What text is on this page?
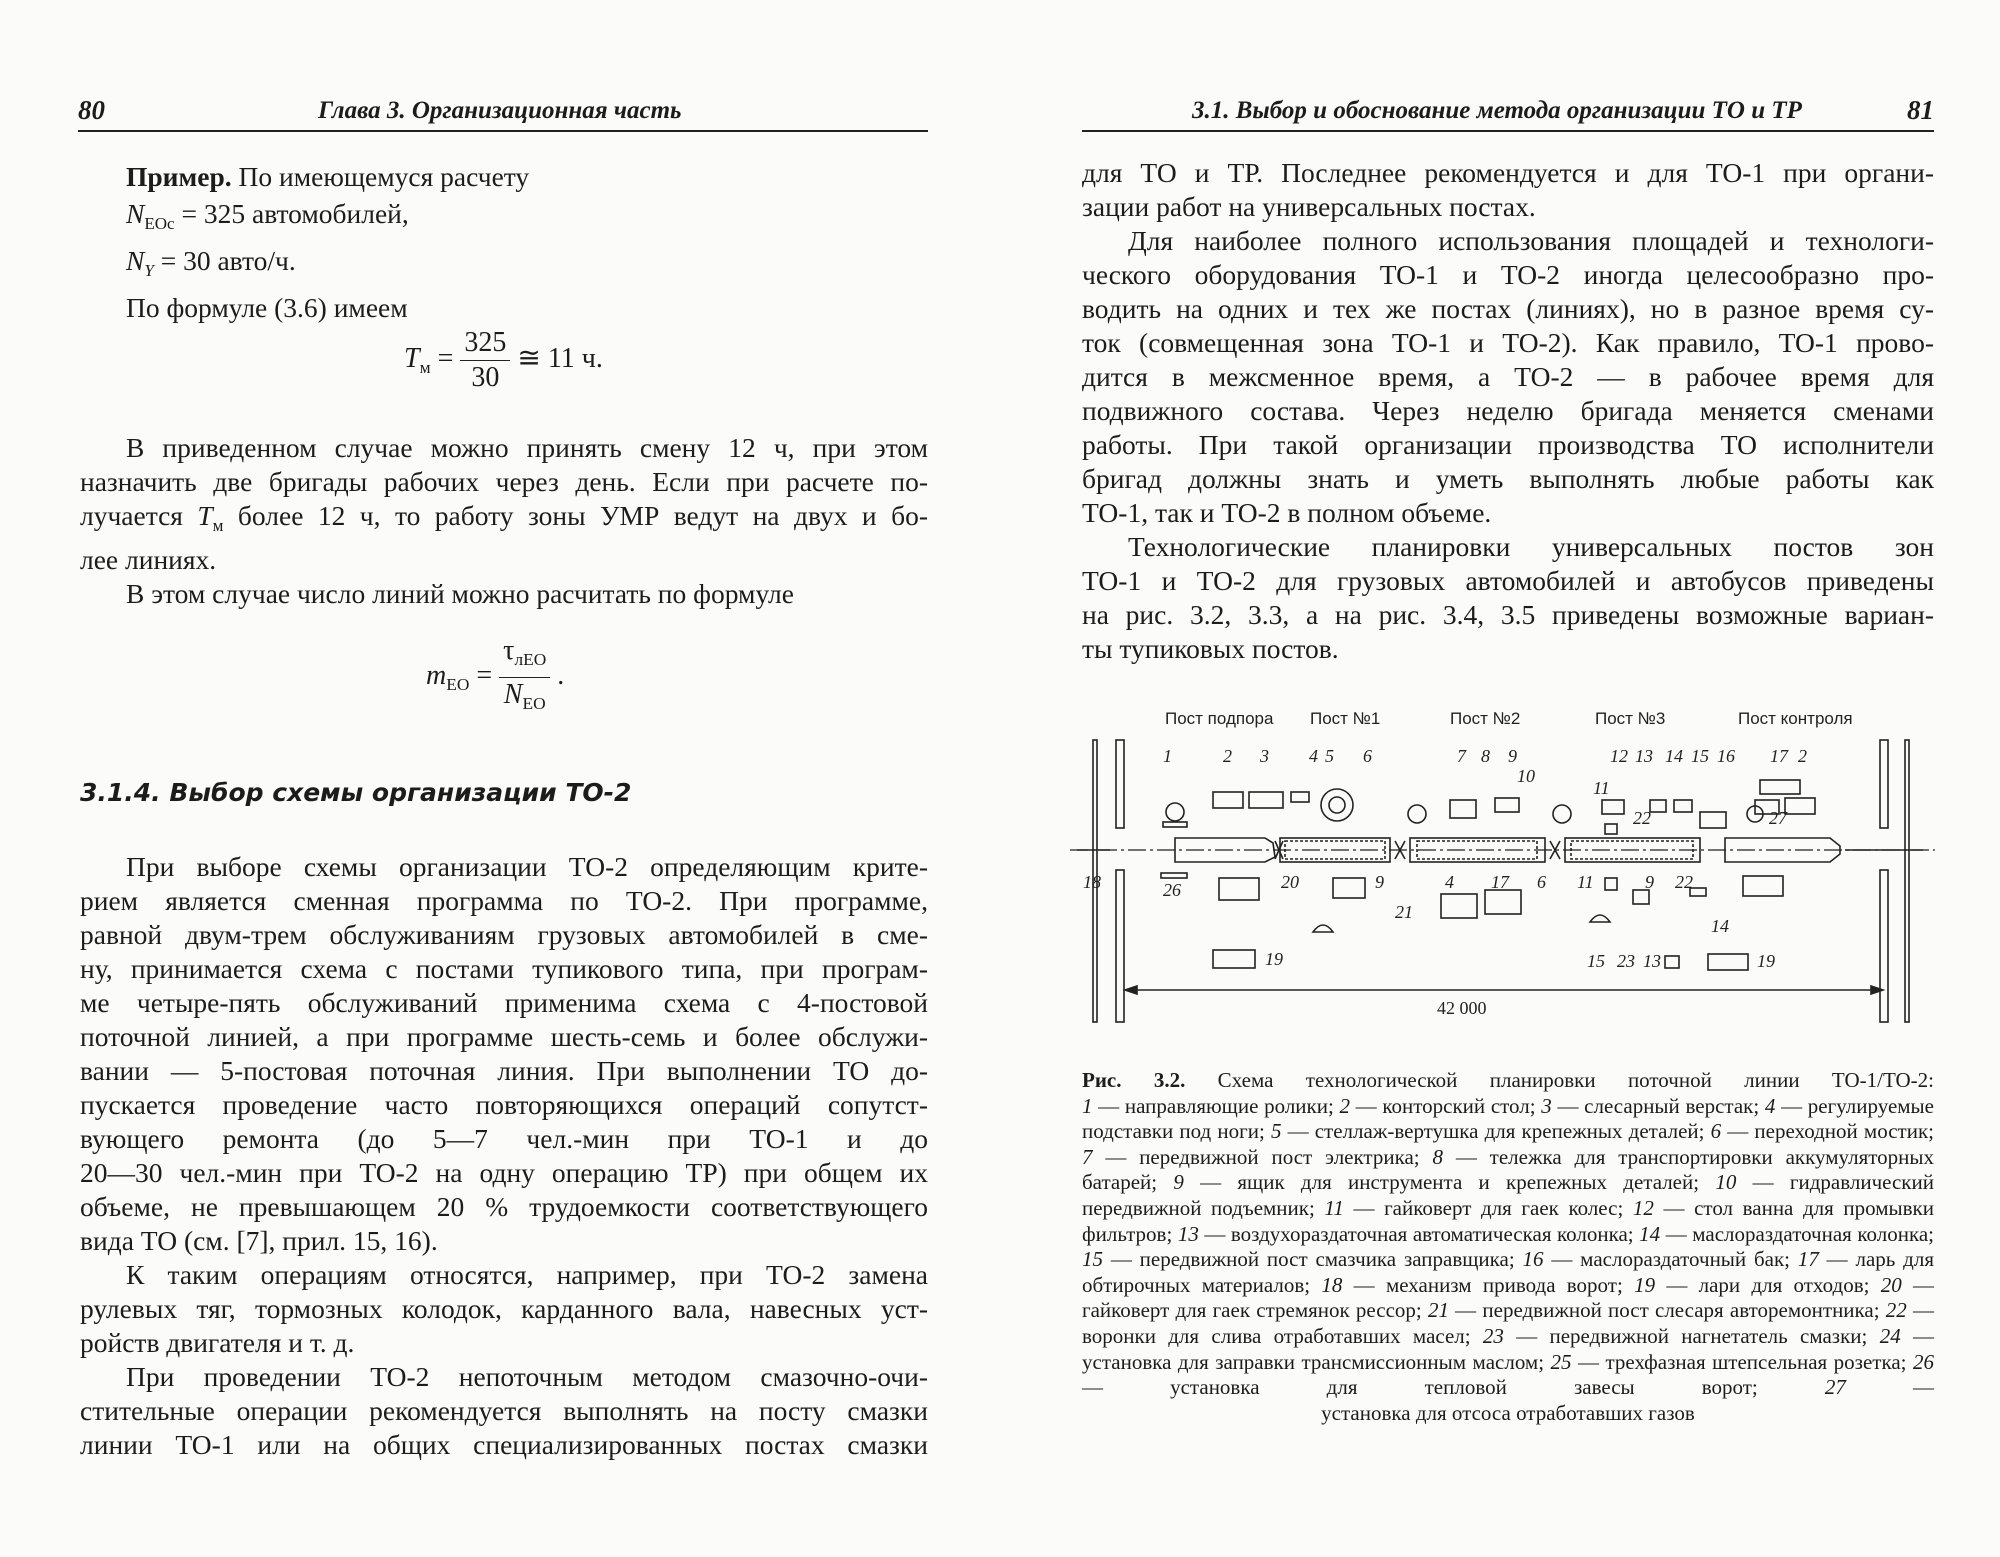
80	Глава 3. Организационная часть

Пример. По имеющемуся расчету

$N_{EOc} = 325$ автомобилей,

$N_Y = 30$ авто/ч.

По формуле (3.6) имеем

$T_м = \frac{325}{30}$ ≅ 11 ч.

В приведенном случае можно принять смену 12 ч, при этом

назначить две бригады рабочих через день. Если при расчете по-

лучается $T_м$ более 12 ч, то работу зоны УМР ведут на двух и бо-

лее линиях.

В этом случае число линий можно расчитать по формуле

$m_{EO} = \frac{\tau_{лEO}}{N_{EO}}$ .
3.1.4. Выбор схемы организации ТО-2

При выборе схемы организации ТО-2 определяющим крите-

рием является сменная программа по ТО-2. При программе,

равной двум-трем обслуживаниям грузовых автомобилей в сме-

ну, принимается схема с постами тупикового типа, при програм-

ме четыре-пять обслуживаний применима схема с 4-постовой

поточной линией, а при программе шесть-семь и более обслужи-

вании — 5-постовая поточная линия. При выполнении ТО до-

пускается проведение часто повторяющихся операций сопутст-

вующего ремонта (до 5—7 чел.-мин при ТО-1 и до

20—30 чел.-мин при ТО-2 на одну операцию ТР) при общем их

объеме, не превышающем 20 % трудоемкости соответствующего

вида ТО (см. [7], прил. 15, 16).

К таким операциям относятся, например, при ТО-2 замена

рулевых тяг, тормозных колодок, карданного вала, навесных уст-

ройств двигателя и т. д.

При проведении ТО-2 непоточным методом смазочно-очи-

стительные операции рекомендуется выполнять на посту смазки

линии ТО-1 или на общих специализированных постах смазки

3.1. Выбор и обоснование метода организации ТО и ТР	81

для ТО и ТР. Последнее рекомендуется и для ТО-1 при органи-

зации работ на универсальных постах.

Для наиболее полного использования площадей и технологи-

ческого оборудования ТО-1 и ТО-2 иногда целесообразно про-

водить на одних и тех же постах (линиях), но в разное время су-

ток (совмещенная зона ТО-1 и ТО-2). Как правило, ТО-1 прово-

дится в межсменное время, а ТО-2 — в рабочее время для

подвижного состава. Через неделю бригада меняется сменами

работы. При такой организации производства ТО исполнители

бригад должны знать и уметь выполнять любые работы как

ТО-1, так и ТО-2 в полном объеме.

Технологические планировки универсальных постов зон

ТО-1 и ТО-2 для грузовых автомобилей и автобусов приведены

на рис. 3.2, 3.3, а на рис. 3.4, 3.5 приведены возможные вариан-

ты тупиковых постов.

Пост подпора Пост №1	Пост №2	Пост №3	Пост контроля
1	2 3 4 5 6	7 8 9
10
12 13 14 15 16 17 2
11
22	27
18	26	20	9	4 17 6 11	9 22
21
14
15 23 13
19	19
42 000
Рис. 3.2. Схема технологической планировки поточной линии ТО-1/ТО-2:
1 — направляющие ролики; 2 — конторский стол; 3 — слесарный верстак; 4 — регулируемые подставки под ноги; 5 — стеллаж-вертушка для крепежных деталей; 6 — переходной мостик; 7 — передвижной пост электрика; 8 — тележка для транспортировки аккумуляторных батарей; 9 — ящик для инструмента и крепежных деталей; 10 — гидравлический передвижной подъемник; 11 — гайковерт для гаек колес; 12 — стол ванна для промывки фильтров; 13 — воздухораздаточная автоматическая колонка; 14 — маслораздаточная колонка; 15 — передвижной пост смазчика заправщика; 16 — маслораздаточный бак; 17 — ларь для обтирочных материалов; 18 — механизм привода ворот; 19 — лари для отходов; 20 — гайковерт для гаек стремянок рессор; 21 — передвижной пост слесаря авторемонтника; 22 — воронки для слива отработавших масел; 23 — передвижной нагнетатель смазки; 24 — установка для заправки трансмиссионным маслом; 25 — трехфазная штепсельная розетка; 26 — установка для тепловой завесы ворот; 27 —
установка для отсоса отработавших газов
